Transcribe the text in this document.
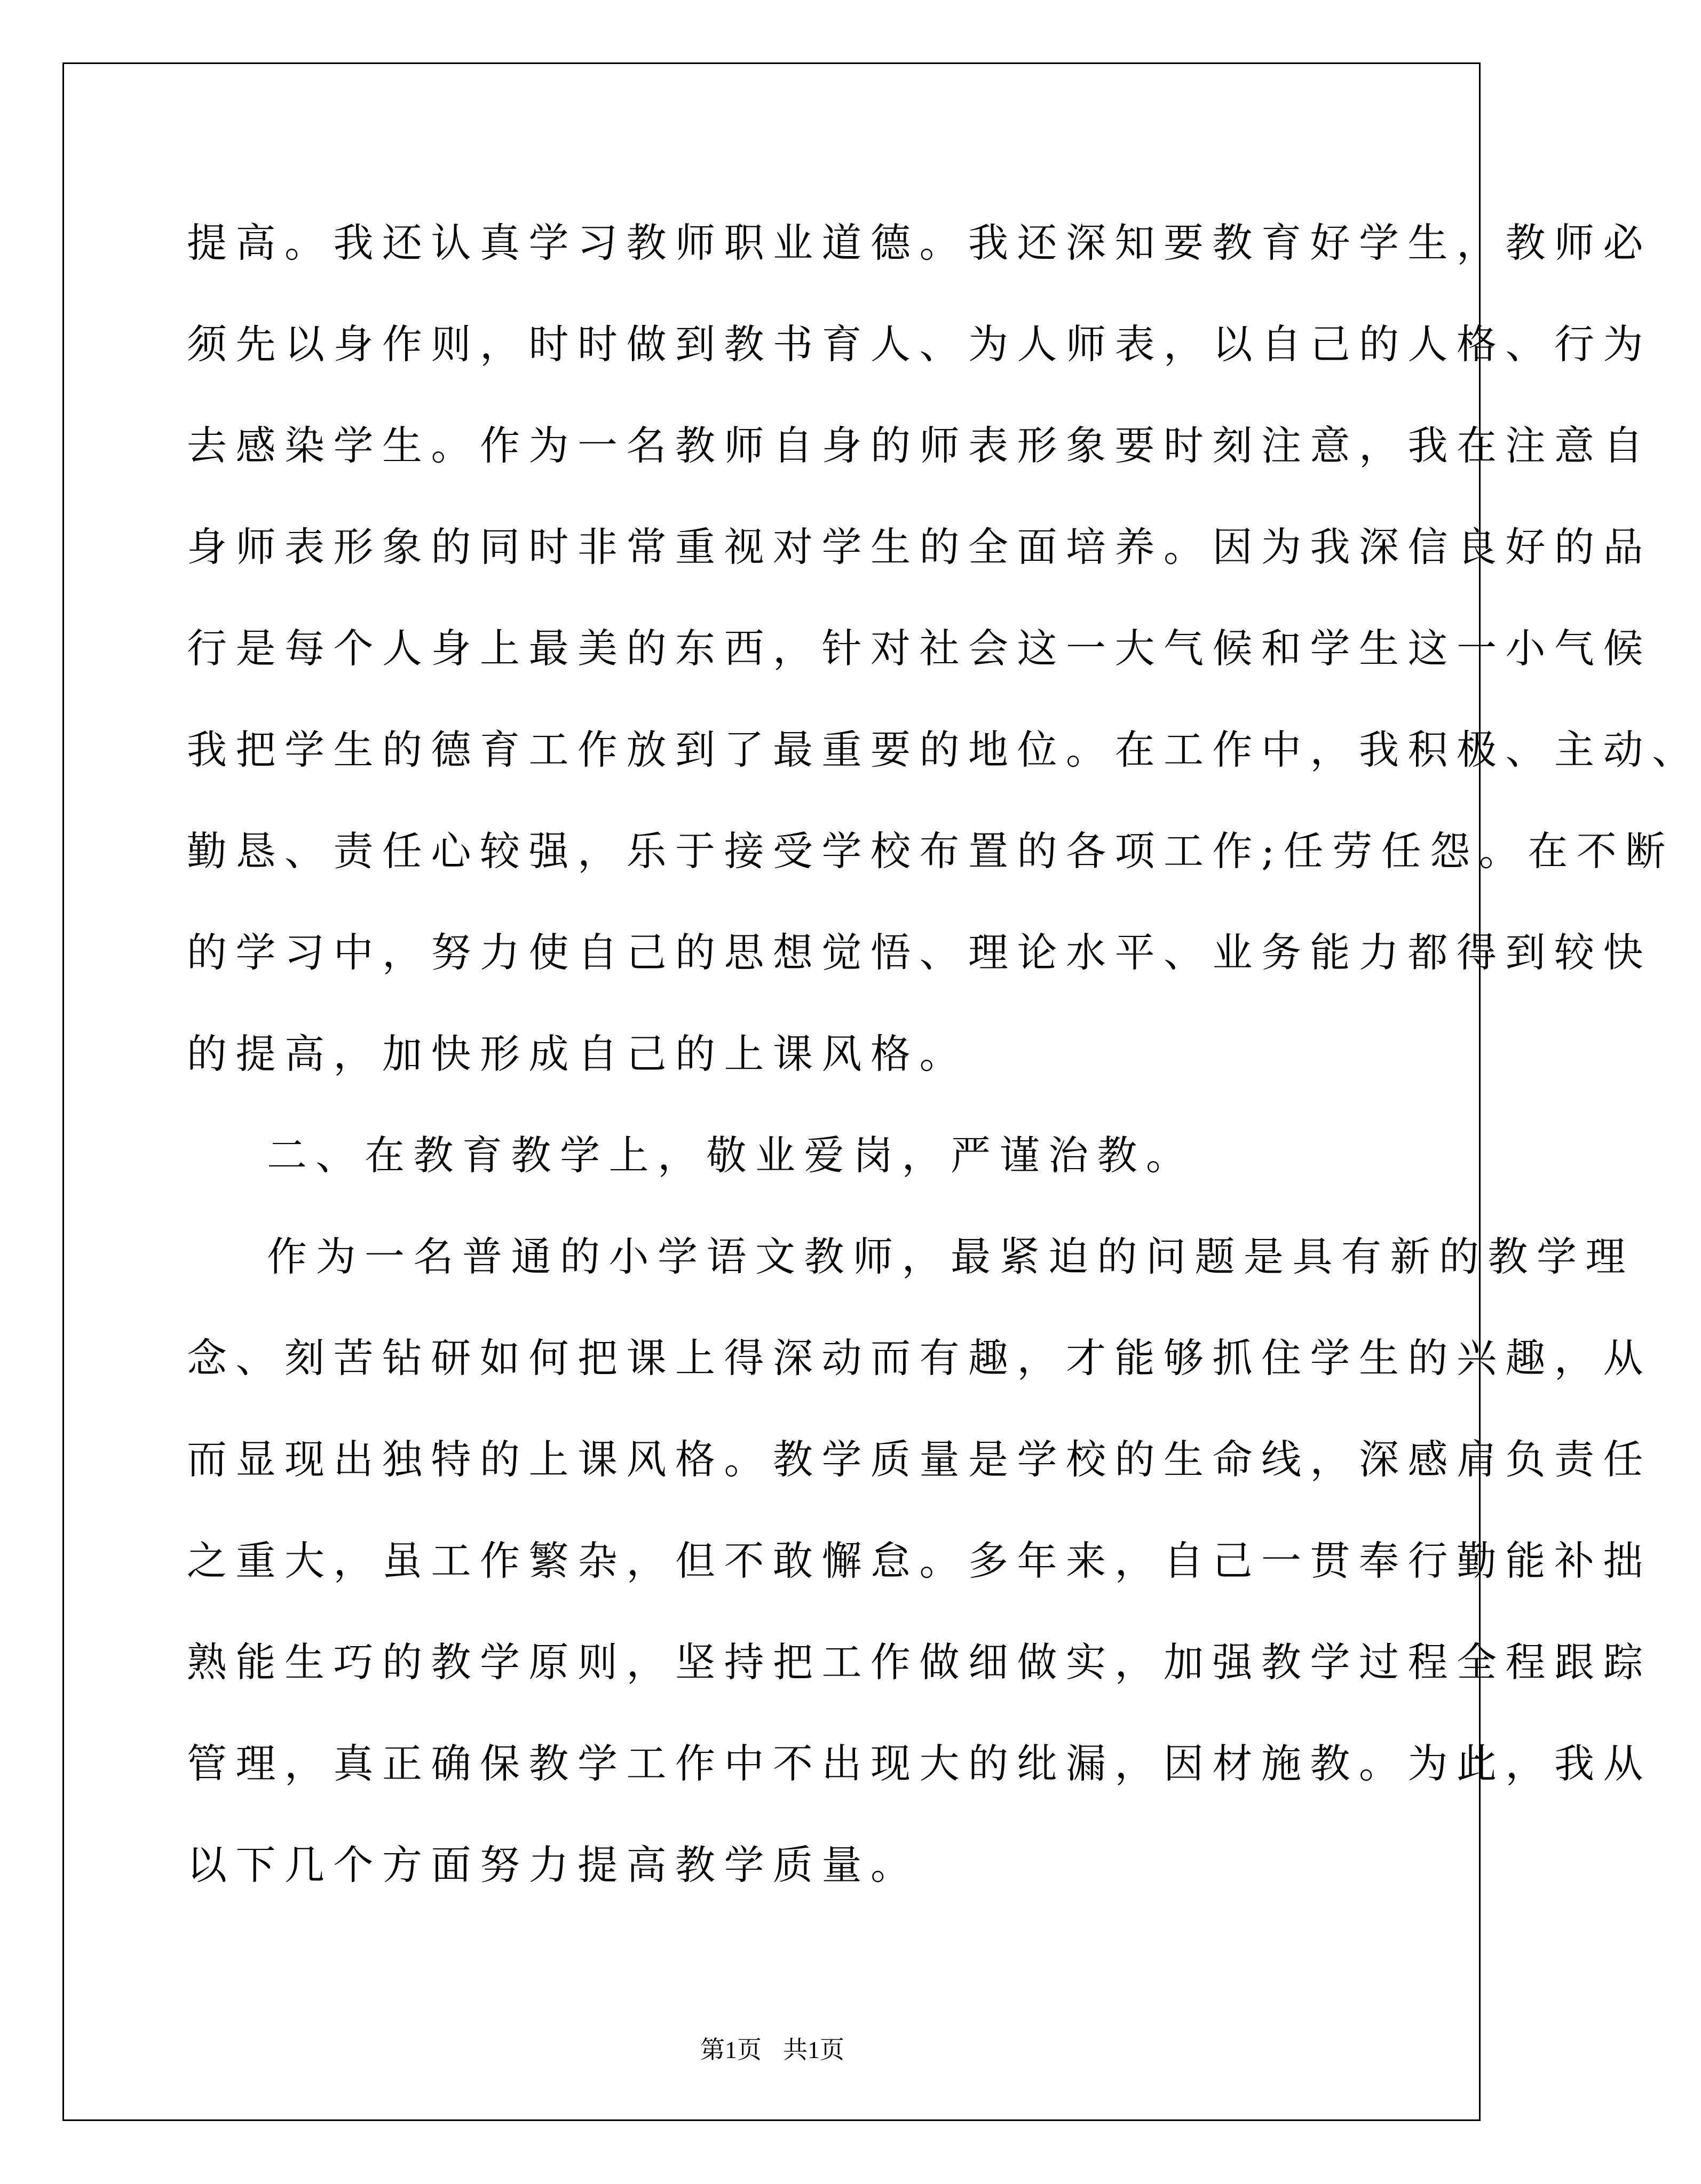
提高。我还认真学习教师职业道德。我还深知要教育好学生，教师必
须先以身作则，时时做到教书育人、为人师表，以自己的人格、行为
去感染学生。作为一名教师自身的师表形象要时刻注意，我在注意自
身师表形象的同时非常重视对学生的全面培养。因为我深信良好的品
行是每个人身上最美的东西，针对社会这一大气候和学生这一小气候
我把学生的德育工作放到了最重要的地位。在工作中，我积极、主动、
勤恳、责任心较强，乐于接受学校布置的各项工作;任劳任怨。在不断
的学习中，努力使自己的思想觉悟、理论水平、业务能力都得到较快
的提高，加快形成自己的上课风格。
二、在教育教学上，敬业爱岗，严谨治教。
作为一名普通的小学语文教师，最紧迫的问题是具有新的教学理
念、刻苦钻研如何把课上得深动而有趣，才能够抓住学生的兴趣，从
而显现出独特的上课风格。教学质量是学校的生命线，深感肩负责任
之重大，虽工作繁杂，但不敢懈怠。多年来，自己一贯奉行勤能补拙
熟能生巧的教学原则，坚持把工作做细做实，加强教学过程全程跟踪
管理，真正确保教学工作中不出现大的纰漏，因材施教。为此，我从
以下几个方面努力提高教学质量。
第1页 共1页
